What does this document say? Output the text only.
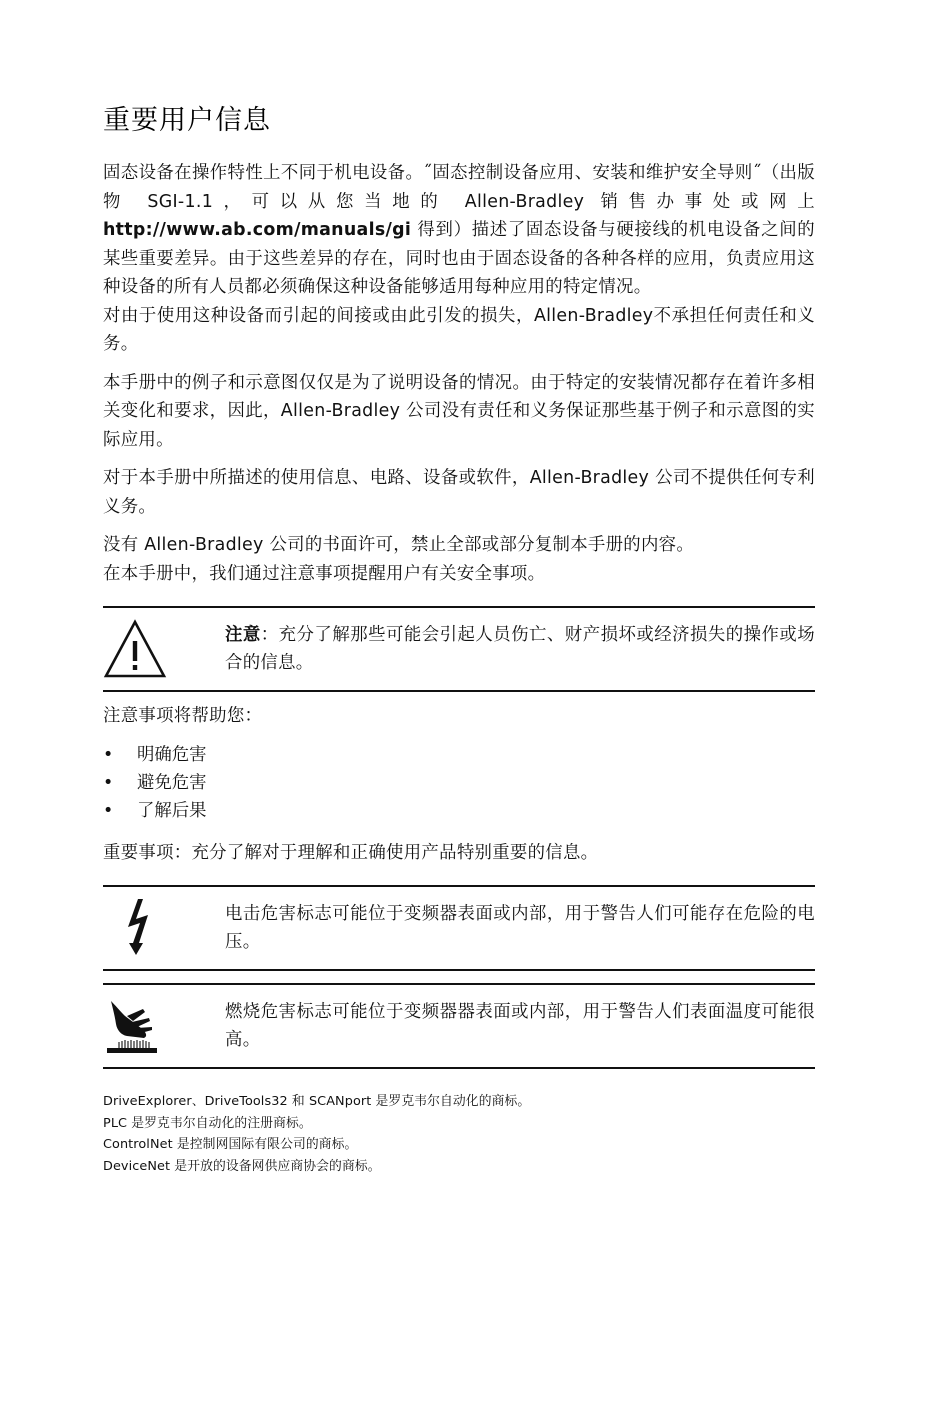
重要用户信息

固态设备在操作特性上不同于机电设备。˝固态控制设备应用、安装和维护安全导则˝（出版物 SGI-1.1，可以从您当地的 Allen-Bradley 销售办事处或网上 http://www.ab.com/manuals/gi 得到）描述了固态设备与硬接线的机电设备之间的某些重要差异。由于这些差异的存在，同时也由于固态设备的各种各样的应用，负责应用这种设备的所有人员都必须确保这种设备能够适用每种应用的特定情况。

对由于使用这种设备而引起的间接或由此引发的损失，Allen-Bradley不承担任何责任和义务。

本手册中的例子和示意图仅仅是为了说明设备的情况。由于特定的安装情况都存在着许多相关变化和要求，因此，Allen-Bradley 公司没有责任和义务保证那些基于例子和示意图的实际应用。

对于本手册中所描述的使用信息、电路、设备或软件，Allen-Bradley 公司不提供任何专利义务。

没有 Allen-Bradley 公司的书面许可，禁止全部或部分复制本手册的内容。

在本手册中，我们通过注意事项提醒用户有关安全事项。

注意：充分了解那些可能会引起人员伤亡、财产损坏或经济损失的操作或场合的信息。

注意事项将帮助您：

• 明确危害
• 避免危害
• 了解后果

重要事项：充分了解对于理解和正确使用产品特别重要的信息。

电击危害标志可能位于变频器表面或内部，用于警告人们可能存在危险的电压。
燃烧危害标志可能位于变频器器表面或内部，用于警告人们表面温度可能很高。
DriveExplorer、DriveTools32 和 SCANport 是罗克韦尔自动化的商标。
PLC 是罗克韦尔自动化的注册商标。
ControlNet 是控制网国际有限公司的商标。
DeviceNet 是开放的设备网供应商协会的商标。
